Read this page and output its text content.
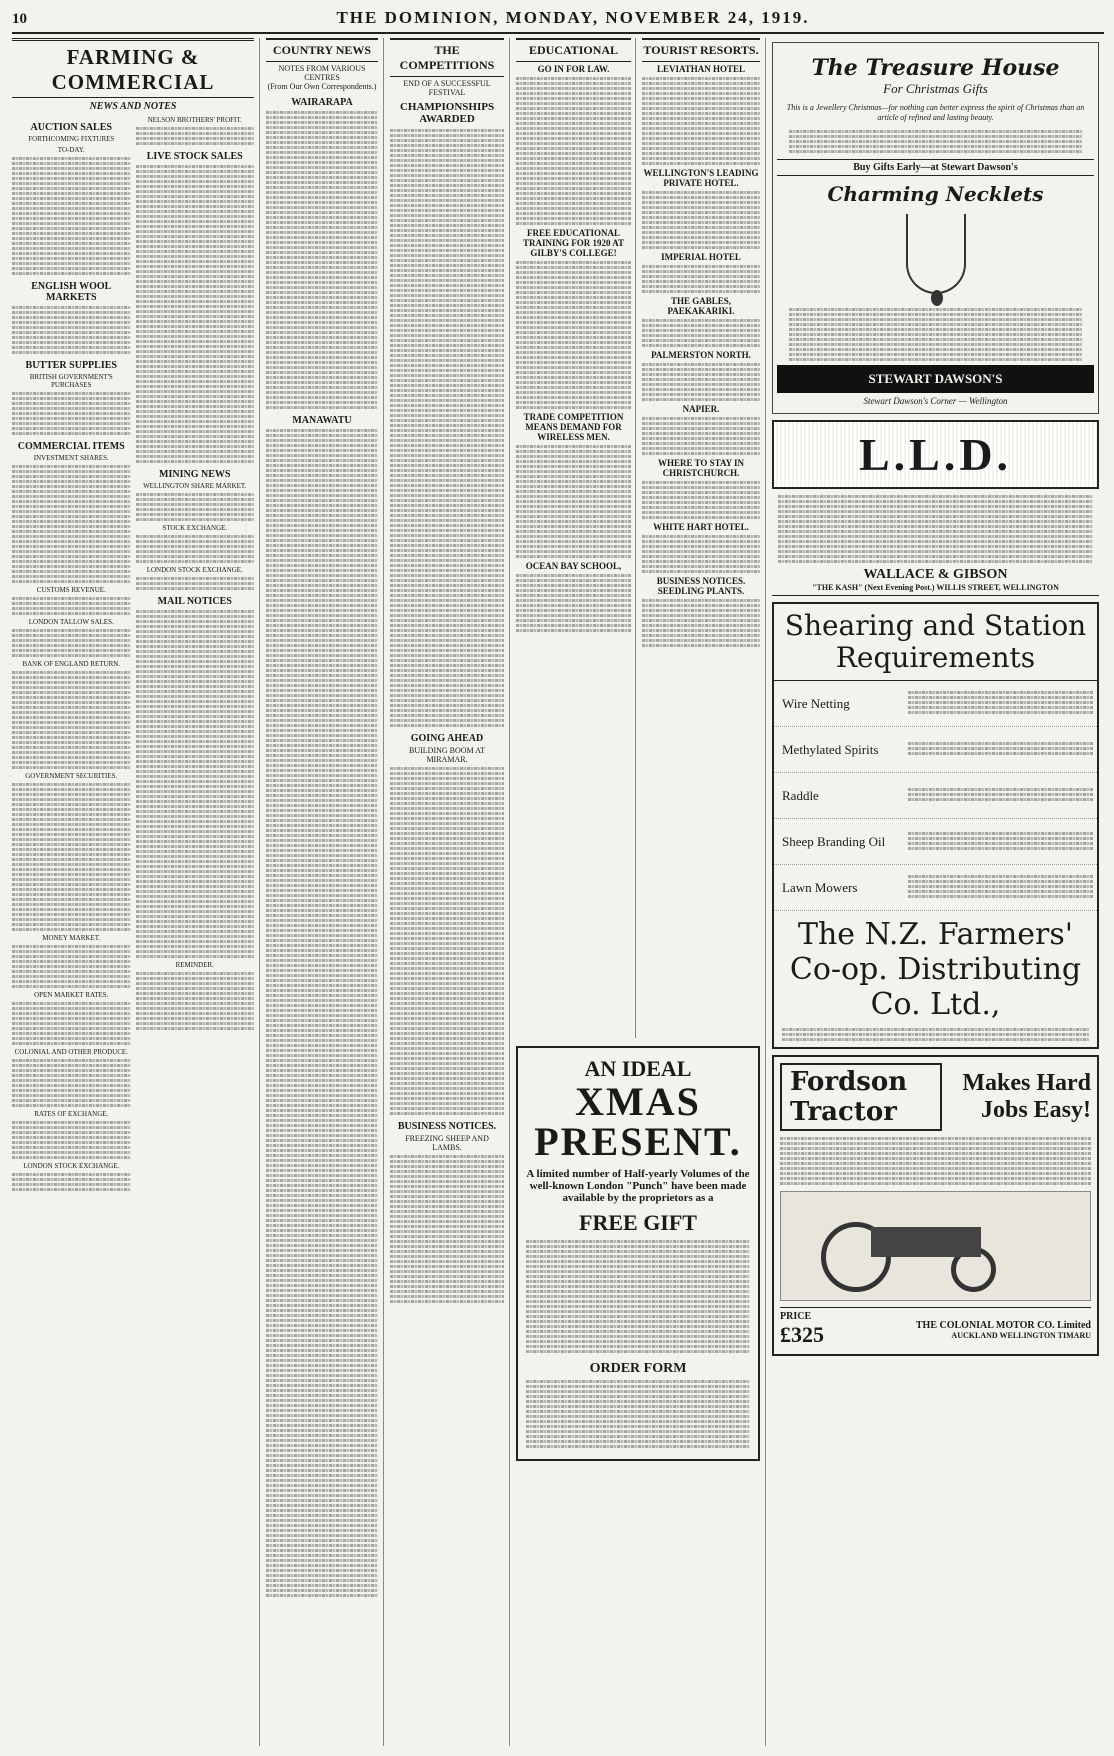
10	THE DOMINION, MONDAY, NOVEMBER 24, 1919.
FARMING & COMMERCIAL
NEWS AND NOTES
AUCTION SALES
FORTHCOMING FIXTURES
TO-DAY.
ENGLISH WOOL MARKETS
BUTTER SUPPLIES
BRITISH GOVERNMENT'S PURCHASES
COMMERCIAL ITEMS
INVESTMENT SHARES.
CUSTOMS REVENUE.
LONDON TALLOW SALES.
BANK OF ENGLAND RETURN.
GOVERNMENT SECURITIES.
MONEY MARKET.
OPEN MARKET RATES.
COLONIAL AND OTHER PRODUCE.
RATES OF EXCHANGE.
LONDON STOCK EXCHANGE.
NELSON BROTHERS' PROFIT.
LIVE STOCK SALES
MINING NEWS
WELLINGTON SHARE MARKET.
STOCK EXCHANGE.
LONDON STOCK EXCHANGE.
MAIL NOTICES
REMINDER.
COUNTRY NEWS
NOTES FROM VARIOUS CENTRES
(From Our Own Correspondents.)
WAIRARAPA
MANAWATU
THE COMPETITIONS
END OF A SUCCESSFUL FESTIVAL
CHAMPIONSHIPS AWARDED
GOING AHEAD
BUILDING BOOM AT MIRAMAR.
BUSINESS NOTICES.
FREEZING SHEEP AND LAMBS.
EDUCATIONAL
GO IN FOR LAW.
FREE EDUCATIONAL TRAINING FOR 1920 AT GILBY'S COLLEGE!
TRADE COMPETITION MEANS DEMAND FOR WIRELESS MEN.
OCEAN BAY SCHOOL,
TOURIST RESORTS.
LEVIATHAN HOTEL
WELLINGTON'S LEADING PRIVATE HOTEL.
IMPERIAL HOTEL
THE GABLES, PAEKAKARIKI.
PALMERSTON NORTH.
NAPIER.
WHERE TO STAY IN CHRISTCHURCH.
WHITE HART HOTEL.
BUSINESS NOTICES.
SEEDLING PLANTS.
AN IDEAL
XMAS PRESENT.
A limited number of Half-yearly Volumes of the well-known London "Punch" have been made available by the proprietors as a
FREE GIFT
ORDER FORM
The Treasure House
For Christmas Gifts
This is a Jewellery Christmas—for nothing can better express the spirit of Christmas than an article of refined and lasting beauty.
Buy Gifts Early—at Stewart Dawson's
Charming Necklets
STEWART DAWSON'S
Stewart Dawson's Corner — Wellington
L.L.D.
WALLACE & GIBSON
"THE KASH" (Next Evening Post.) WILLIS STREET, WELLINGTON
Shearing and Station Requirements
Wire Netting
Methylated Spirits
Raddle
Sheep Branding Oil
Lawn Mowers
The N.Z. Farmers' Co-op. Distributing Co. Ltd.,
Fordson Tractor
Makes Hard Jobs Easy!
PRICE
£325	THE COLONIAL MOTOR CO. Limited
AUCKLAND WELLINGTON TIMARU
